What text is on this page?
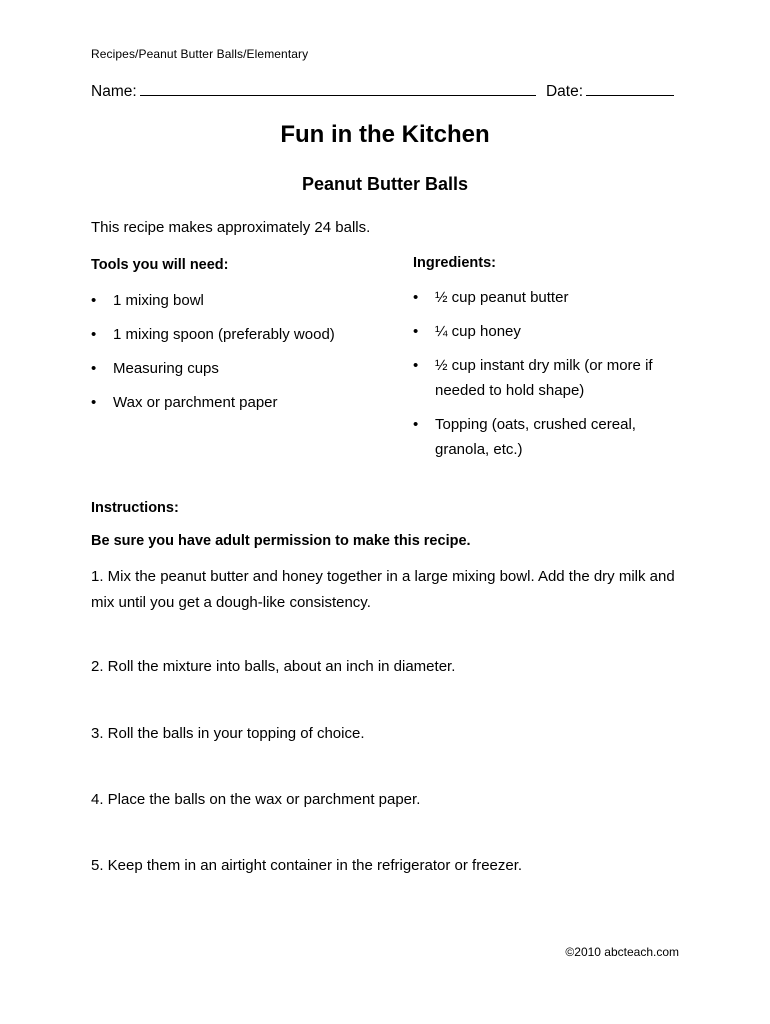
Recipes/Peanut Butter Balls/Elementary
Name:	Date:
Fun in the Kitchen
Peanut Butter Balls
This recipe makes approximately 24 balls.
Tools you will need:
• 1 mixing bowl
• 1 mixing spoon (preferably wood)
• Measuring cups
• Wax or parchment paper
Ingredients:
• ½ cup peanut butter
• ¼ cup honey
• ½ cup instant dry milk (or more if needed to hold shape)
• Topping (oats, crushed cereal, granola, etc.)
Instructions:
Be sure you have adult permission to make this recipe.
1. Mix the peanut butter and honey together in a large mixing bowl. Add the dry milk and mix until you get a dough-like consistency.
2. Roll the mixture into balls, about an inch in diameter.
3. Roll the balls in your topping of choice.
4. Place the balls on the wax or parchment paper.
5. Keep them in an airtight container in the refrigerator or freezer.
©2010 abcteach.com
